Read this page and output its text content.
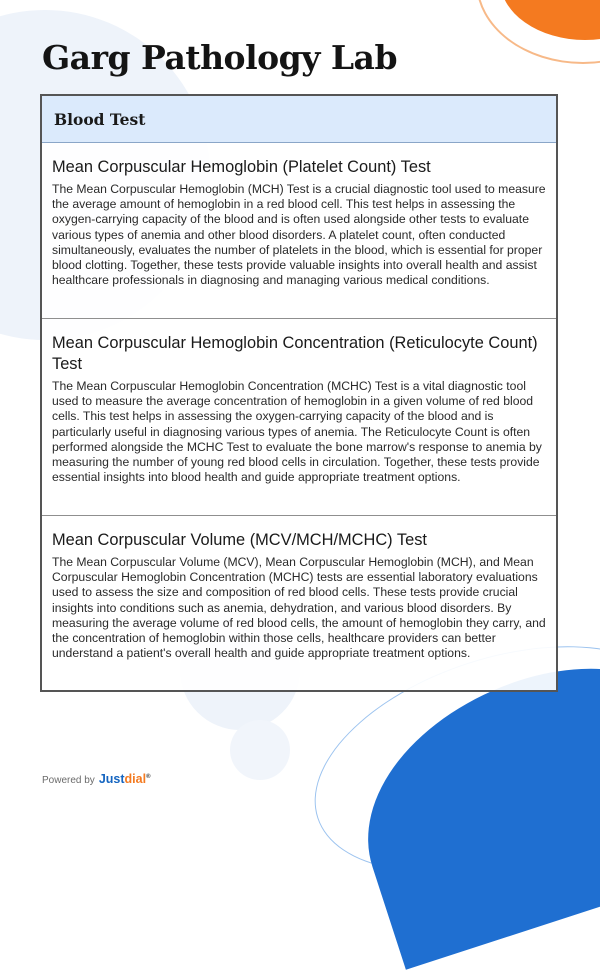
Garg Pathology Lab
Blood Test
Mean Corpuscular Hemoglobin (Platelet Count) Test

The Mean Corpuscular Hemoglobin (MCH) Test is a crucial diagnostic tool used to measure the average amount of hemoglobin in a red blood cell. This test helps in assessing the oxygen-carrying capacity of the blood and is often used alongside other tests to evaluate various types of anemia and other blood disorders. A platelet count, often conducted simultaneously, evaluates the number of platelets in the blood, which is essential for proper blood clotting. Together, these tests provide valuable insights into overall health and assist healthcare professionals in diagnosing and managing various medical conditions.

Mean Corpuscular Hemoglobin Concentration (Reticulocyte Count) Test

The Mean Corpuscular Hemoglobin Concentration (MCHC) Test is a vital diagnostic tool used to measure the average concentration of hemoglobin in a given volume of red blood cells. This test helps in assessing the oxygen-carrying capacity of the blood and is particularly useful in diagnosing various types of anemia. The Reticulocyte Count is often performed alongside the MCHC Test to evaluate the bone marrow's response to anemia by measuring the number of young red blood cells in circulation. Together, these tests provide essential insights into blood health and guide appropriate treatment options.

Mean Corpuscular Volume (MCV/MCH/MCHC) Test

The Mean Corpuscular Volume (MCV), Mean Corpuscular Hemoglobin (MCH), and Mean Corpuscular Hemoglobin Concentration (MCHC) tests are essential laboratory evaluations used to assess the size and composition of red blood cells. These tests provide crucial insights into conditions such as anemia, dehydration, and various blood disorders. By measuring the average volume of red blood cells, the amount of hemoglobin they carry, and the concentration of hemoglobin within those cells, healthcare providers can better understand a patient's overall health and guide appropriate treatment options.

Powered by Justdial®
